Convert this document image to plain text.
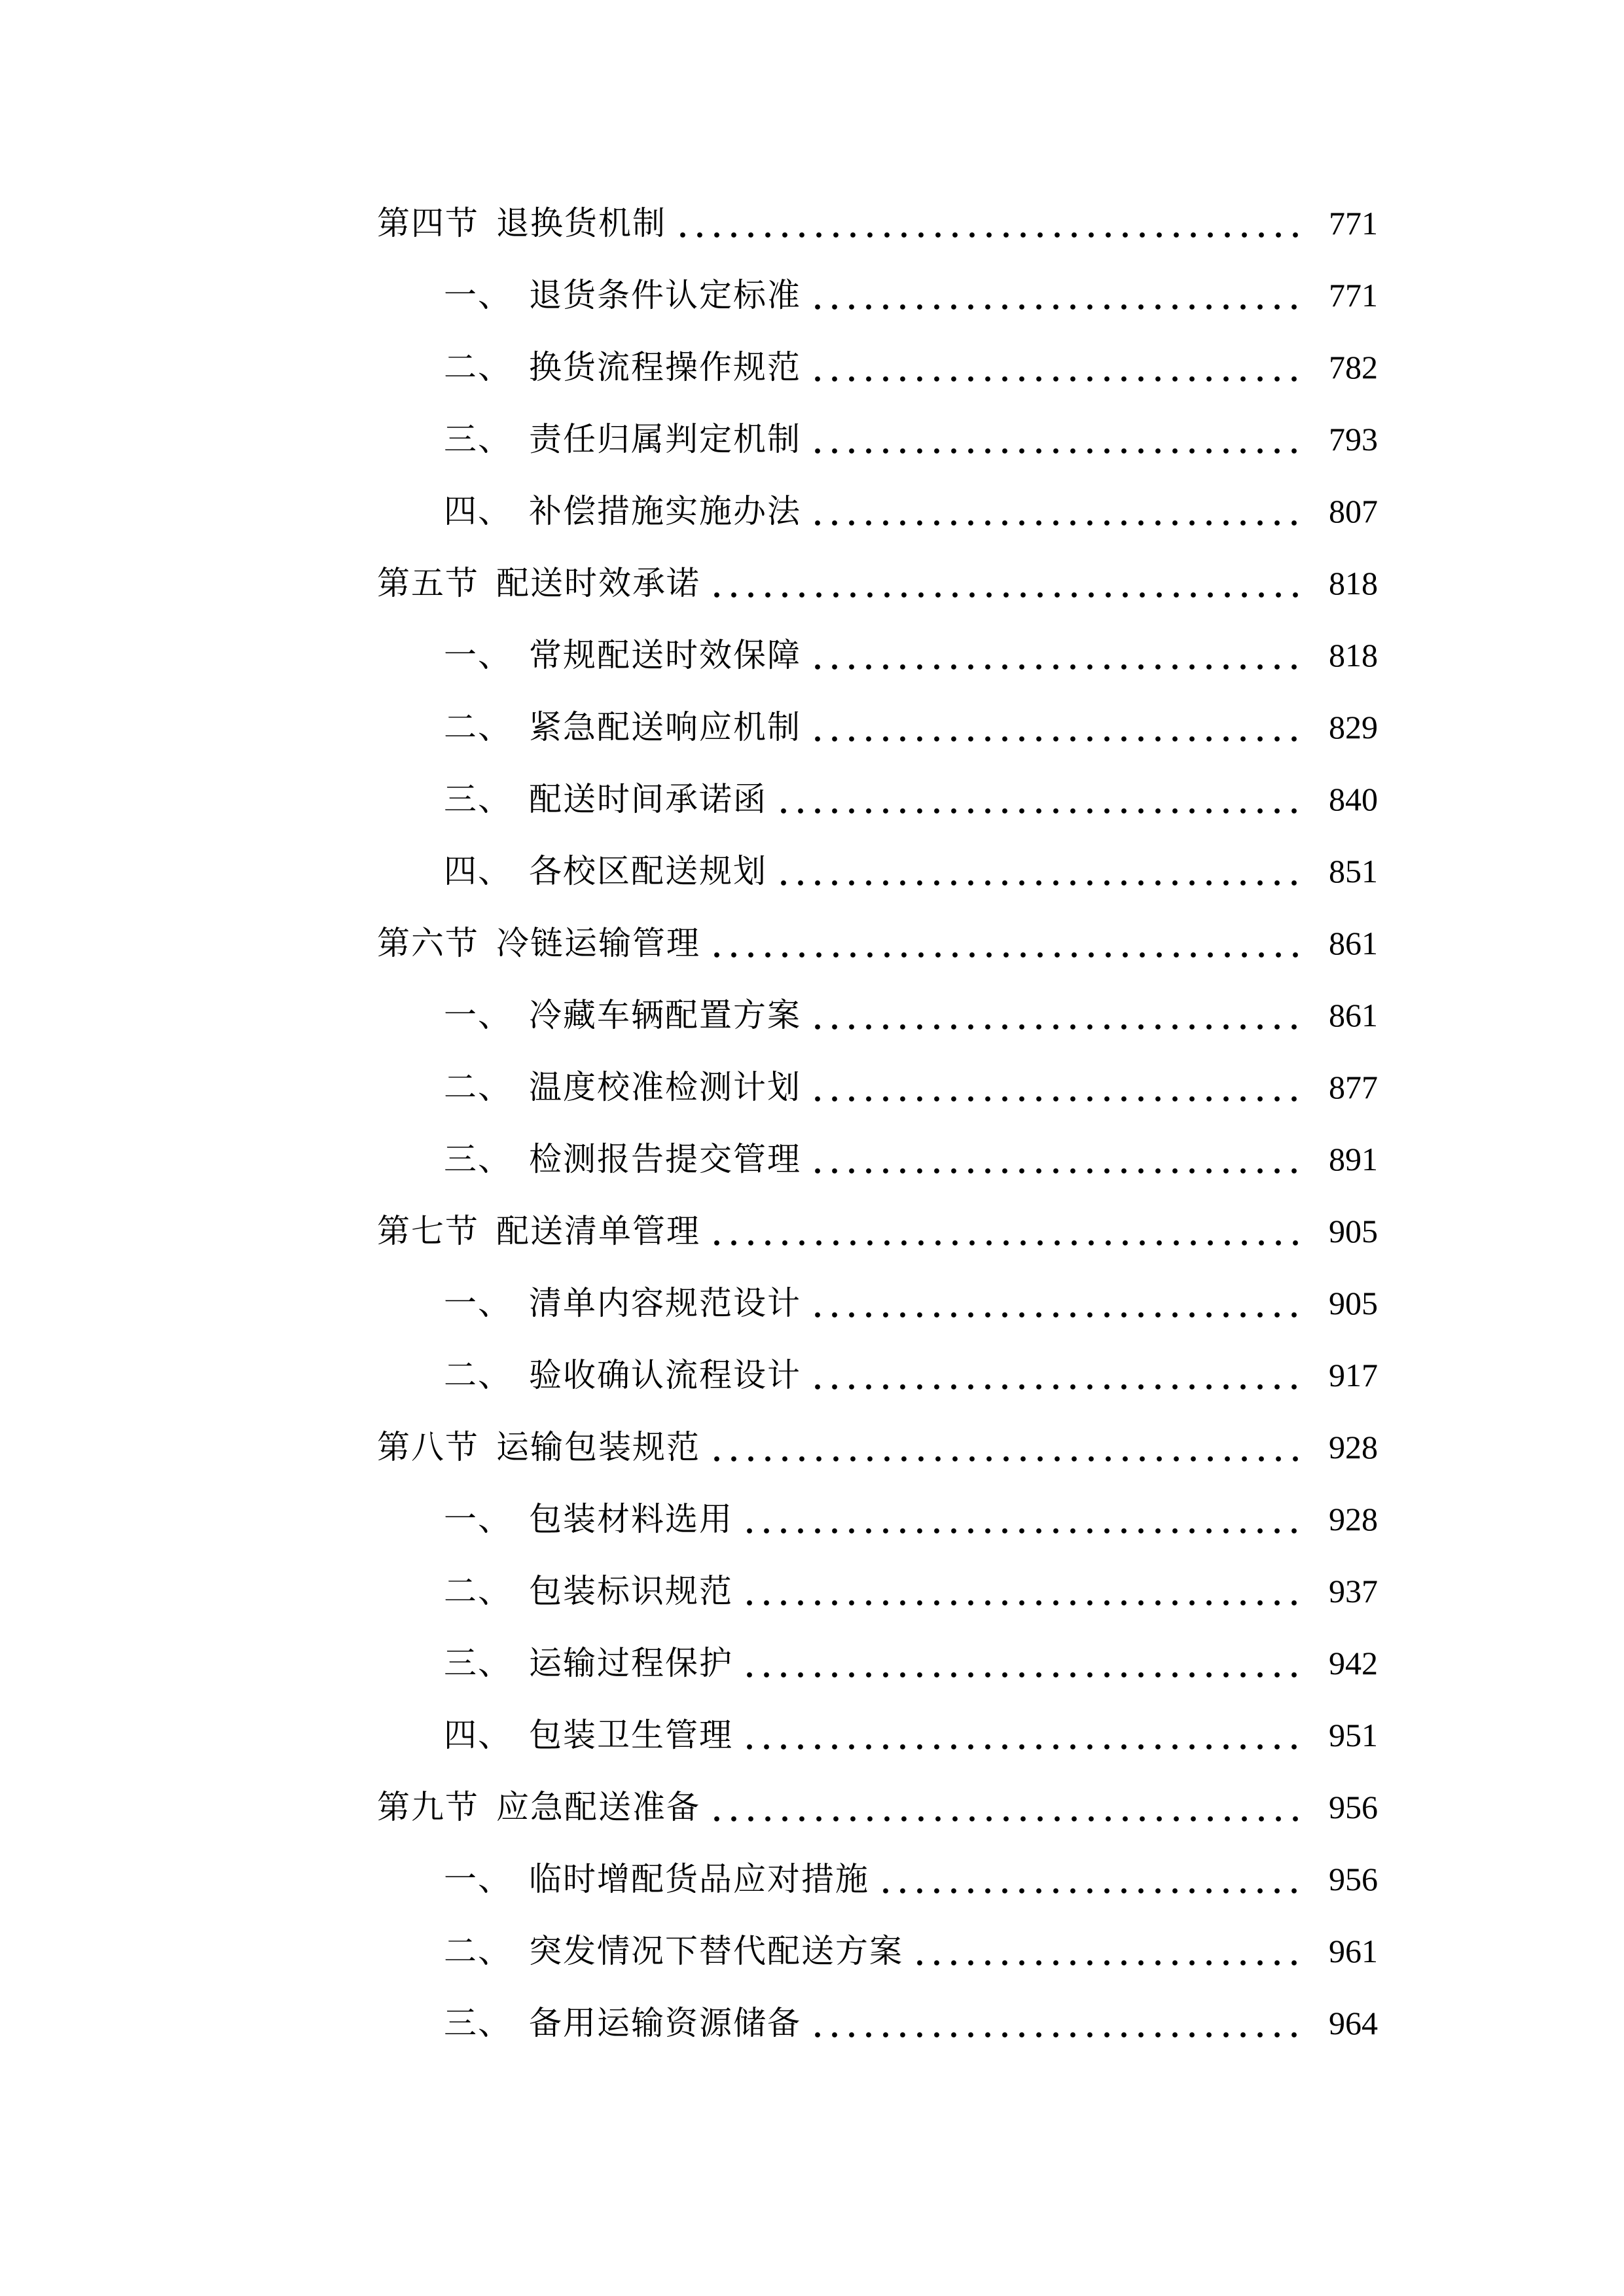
第四节 退换货机制	771
一、 退货条件认定标准	771
二、 换货流程操作规范	782
三、 责任归属判定机制	793
四、 补偿措施实施办法	807
第五节 配送时效承诺	818
一、 常规配送时效保障	818
二、 紧急配送响应机制	829
三、 配送时间承诺函	840
四、 各校区配送规划	851
第六节 冷链运输管理	861
一、 冷藏车辆配置方案	861
二、 温度校准检测计划	877
三、 检测报告提交管理	891
第七节 配送清单管理	905
一、 清单内容规范设计	905
二、 验收确认流程设计	917
第八节 运输包装规范	928
一、 包装材料选用	928
二、 包装标识规范	937
三、 运输过程保护	942
四、 包装卫生管理	951
第九节 应急配送准备	956
一、 临时增配货品应对措施	956
二、 突发情况下替代配送方案	961
三、 备用运输资源储备	964
